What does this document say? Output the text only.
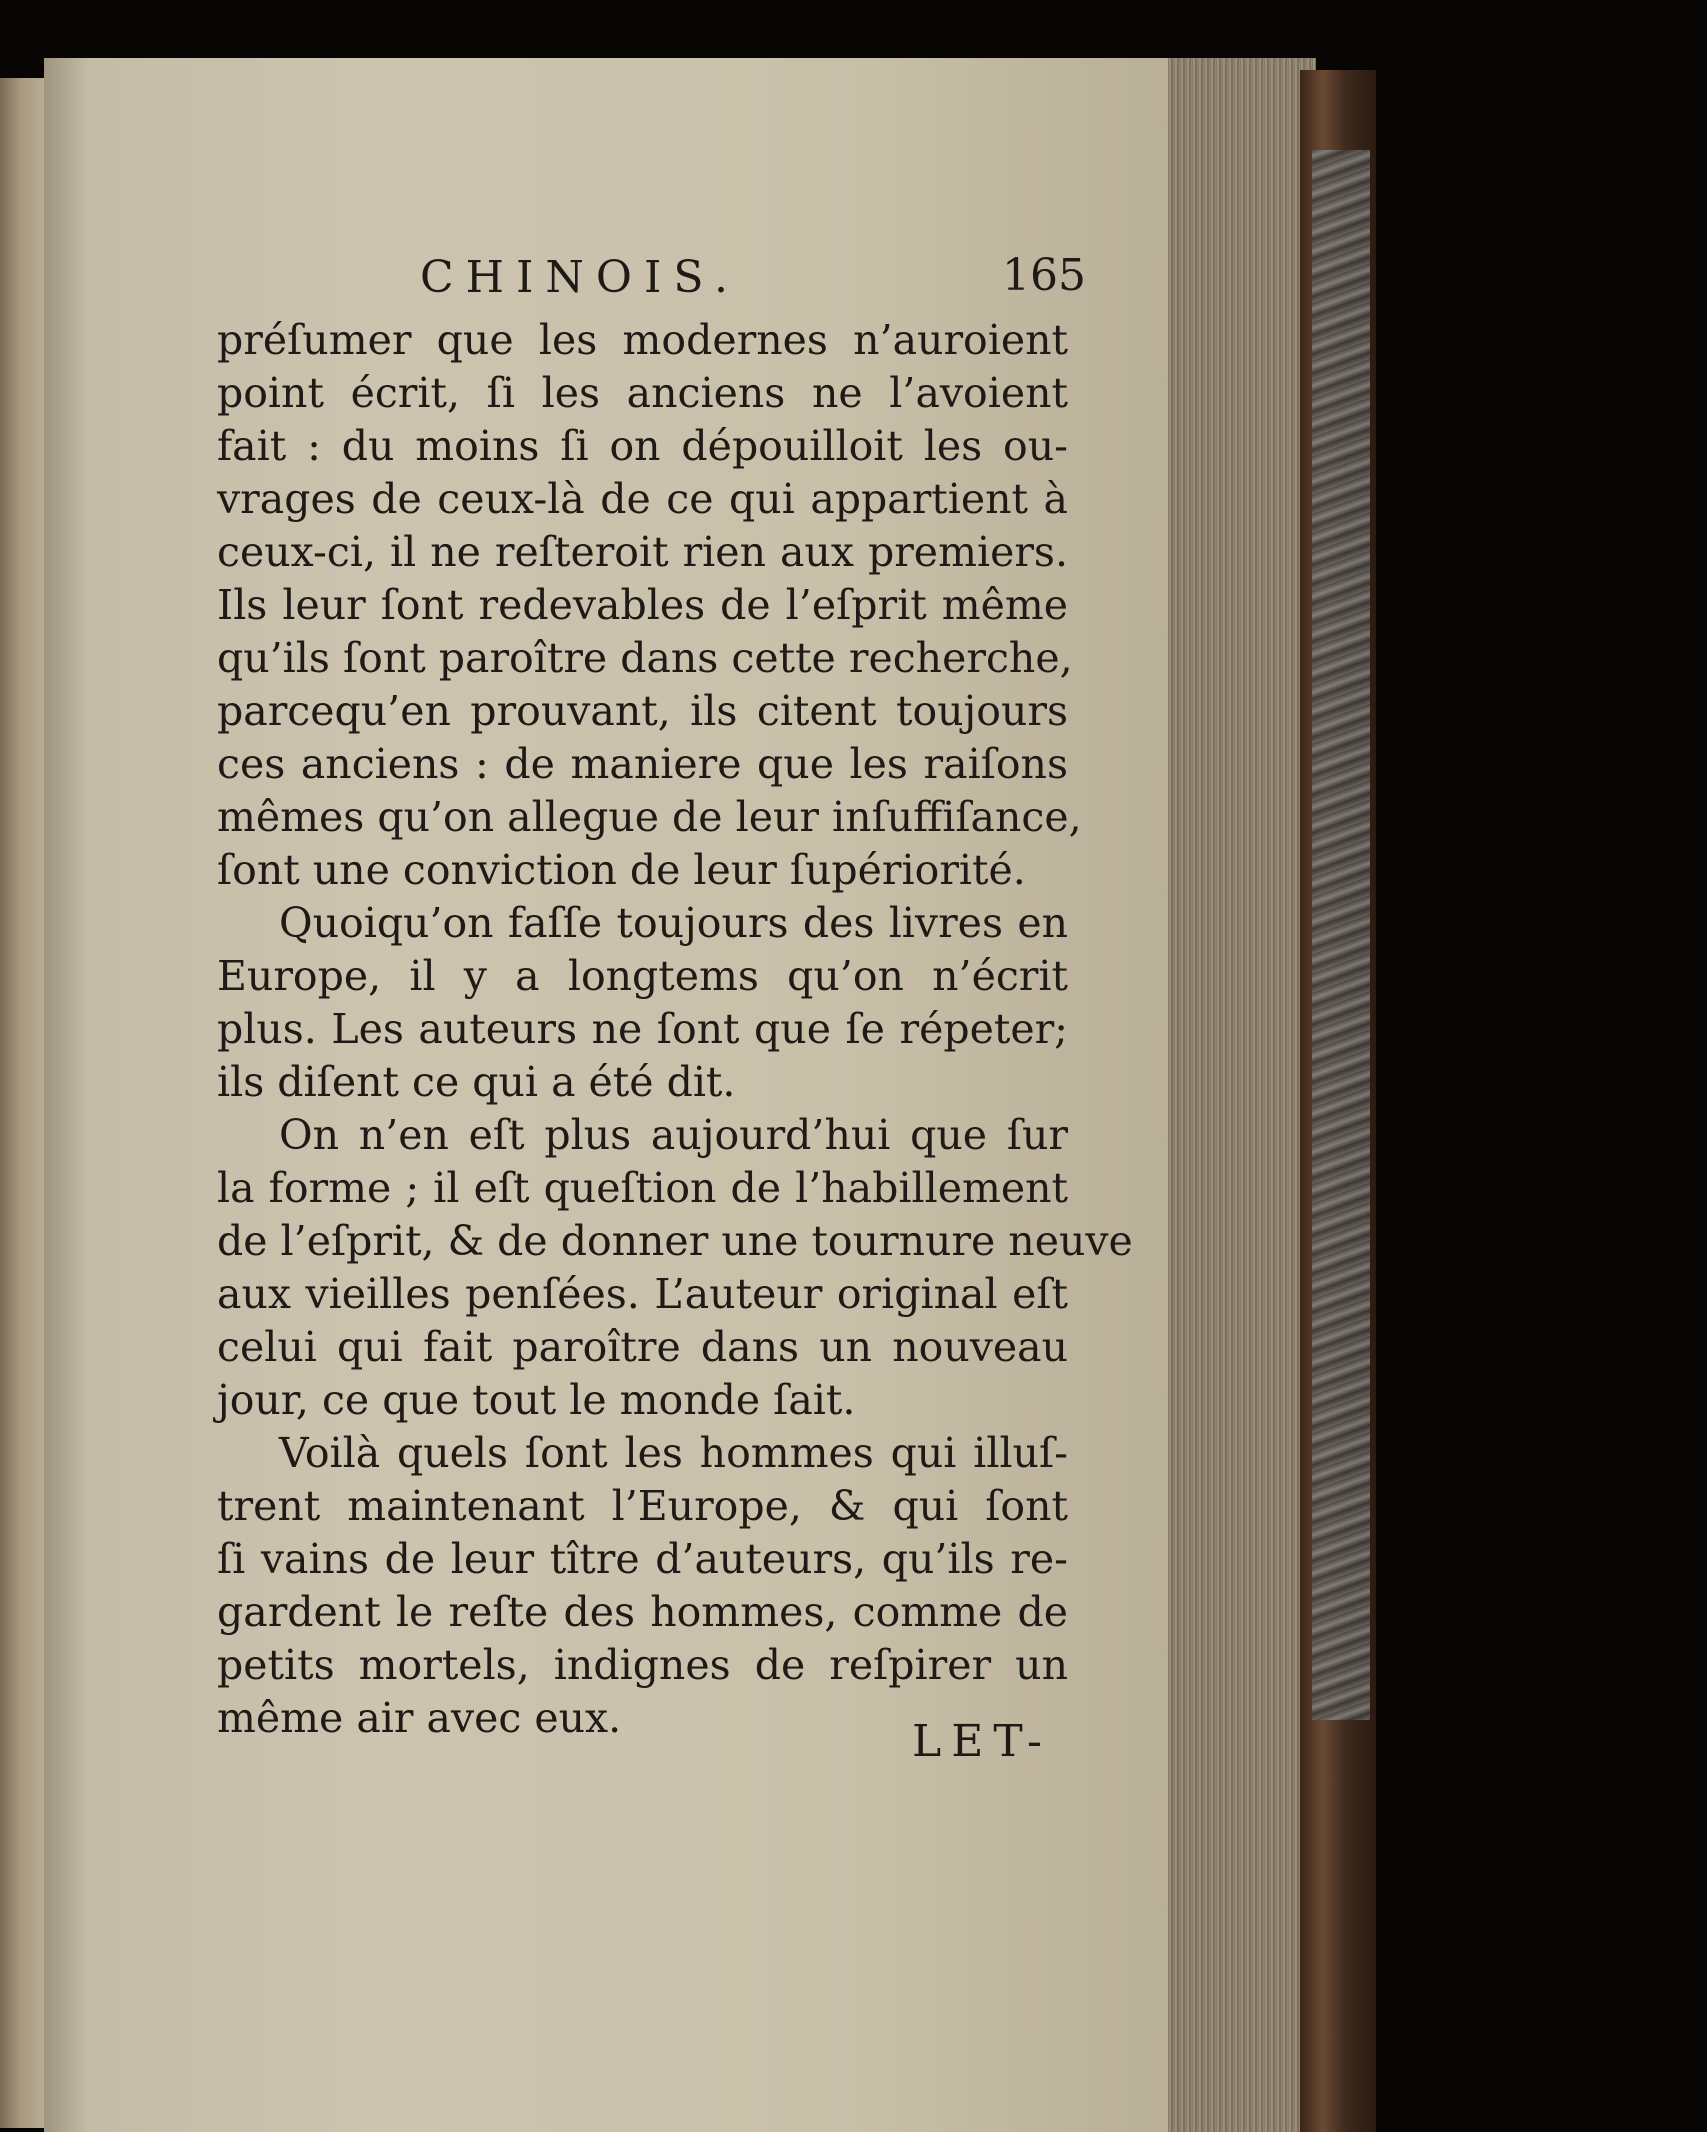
CHINOIS.	165
préſumer que les modernes n’auroient
point écrit, ſi les anciens ne l’avoient
fait : du moins ſi on dépouilloit les ou-
vrages de ceux-là de ce qui appartient à
ceux-ci, il ne reſteroit rien aux premiers.
Ils leur ſont redevables de l’eſprit même
qu’ils ſont paroître dans cette recherche,
parcequ’en prouvant, ils citent toujours
ces anciens : de maniere que les raiſons
mêmes qu’on allegue de leur inſuffiſance,
ſont une conviction de leur ſupériorité.
Quoiqu’on faſſe toujours des livres en
Europe, il y a longtems qu’on n’écrit
plus. Les auteurs ne ſont que ſe répeter;
ils diſent ce qui a été dit.
On n’en eſt plus aujourd’hui que ſur
la forme ; il eſt queſtion de l’habillement
de l’eſprit, & de donner une tournure neuve
aux vieilles penſées. L’auteur original eſt
celui qui fait paroître dans un nouveau
jour, ce que tout le monde ſait.
Voilà quels ſont les hommes qui illuſ-
trent maintenant l’Europe, & qui ſont
ſi vains de leur tître d’auteurs, qu’ils re-
gardent le reſte des hommes, comme de
petits mortels, indignes de reſpirer un
même air avec eux.	LET-
